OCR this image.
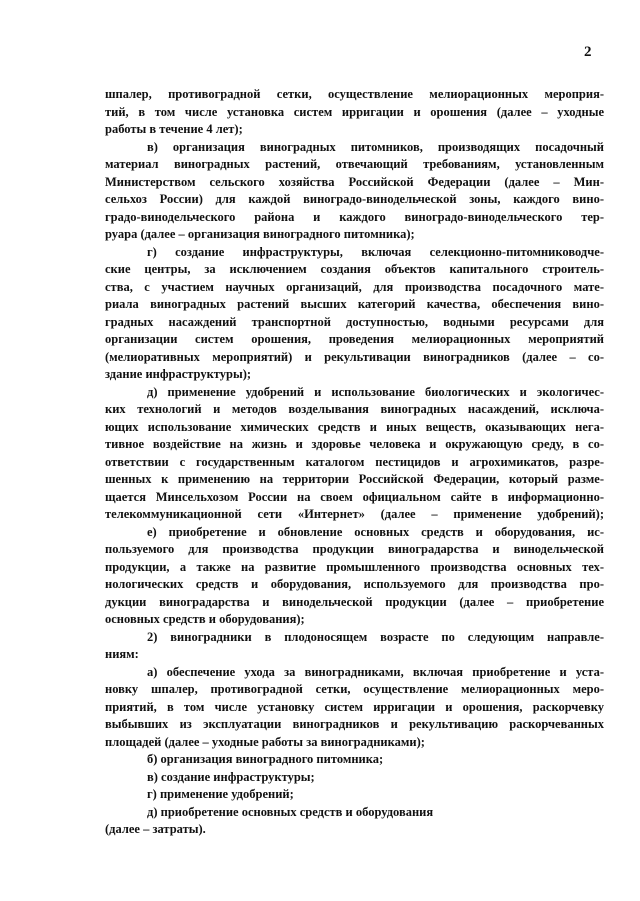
2
шпалер, противоградной сетки, осуществление мелиорационных мероприя-
тий, в том числе установка систем ирригации и орошения (далее – уходные
работы в течение 4 лет);
в) организация виноградных питомников, производящих посадочный
материал виноградных растений, отвечающий требованиям, установленным
Министерством сельского хозяйства Российской Федерации (далее – Мин-
сельхоз России) для каждой виноградо-винодельческой зоны, каждого вино-
градо-винодельческого района и каждого виноградо-винодельческого тер-
руара (далее – организация виноградного питомника);
г) создание инфраструктуры, включая селекционно-питомниководче-
ские центры, за исключением создания объектов капитального строитель-
ства, с участием научных организаций, для производства посадочного мате-
риала виноградных растений высших категорий качества, обеспечения вино-
градных насаждений транспортной доступностью, водными ресурсами для
организации систем орошения, проведения мелиорационных мероприятий
(мелиоративных мероприятий) и рекультивации виноградников (далее – со-
здание инфраструктуры);
д) применение удобрений и использование биологических и экологичес-
ких технологий и методов возделывания виноградных насаждений, исключа-
ющих использование химических средств и иных веществ, оказывающих нега-
тивное воздействие на жизнь и здоровье человека и окружающую среду, в со-
ответствии с государственным каталогом пестицидов и агрохимикатов, разре-
шенных к применению на территории Российской Федерации, который разме-
щается Минсельхозом России на своем официальном сайте в информационно-
телекоммуникационной сети «Интернет» (далее – применение удобрений);
е) приобретение и обновление основных средств и оборудования, ис-
пользуемого для производства продукции виноградарства и винодельческой
продукции, а также на развитие промышленного производства основных тех-
нологических средств и оборудования, используемого для производства про-
дукции виноградарства и винодельческой продукции (далее – приобретение
основных средств и оборудования);
2) виноградники в плодоносящем возрасте по следующим направле-
ниям:
а) обеспечение ухода за виноградниками, включая приобретение и уста-
новку шпалер, противоградной сетки, осуществление мелиорационных меро-
приятий, в том числе установку систем ирригации и орошения, раскорчевку
выбывших из эксплуатации виноградников и рекультивацию раскорчеванных
площадей (далее – уходные работы за виноградниками);
б) организация виноградного питомника;
в) создание инфраструктуры;
г) применение удобрений;
д) приобретение основных средств и оборудования
(далее – затраты).
